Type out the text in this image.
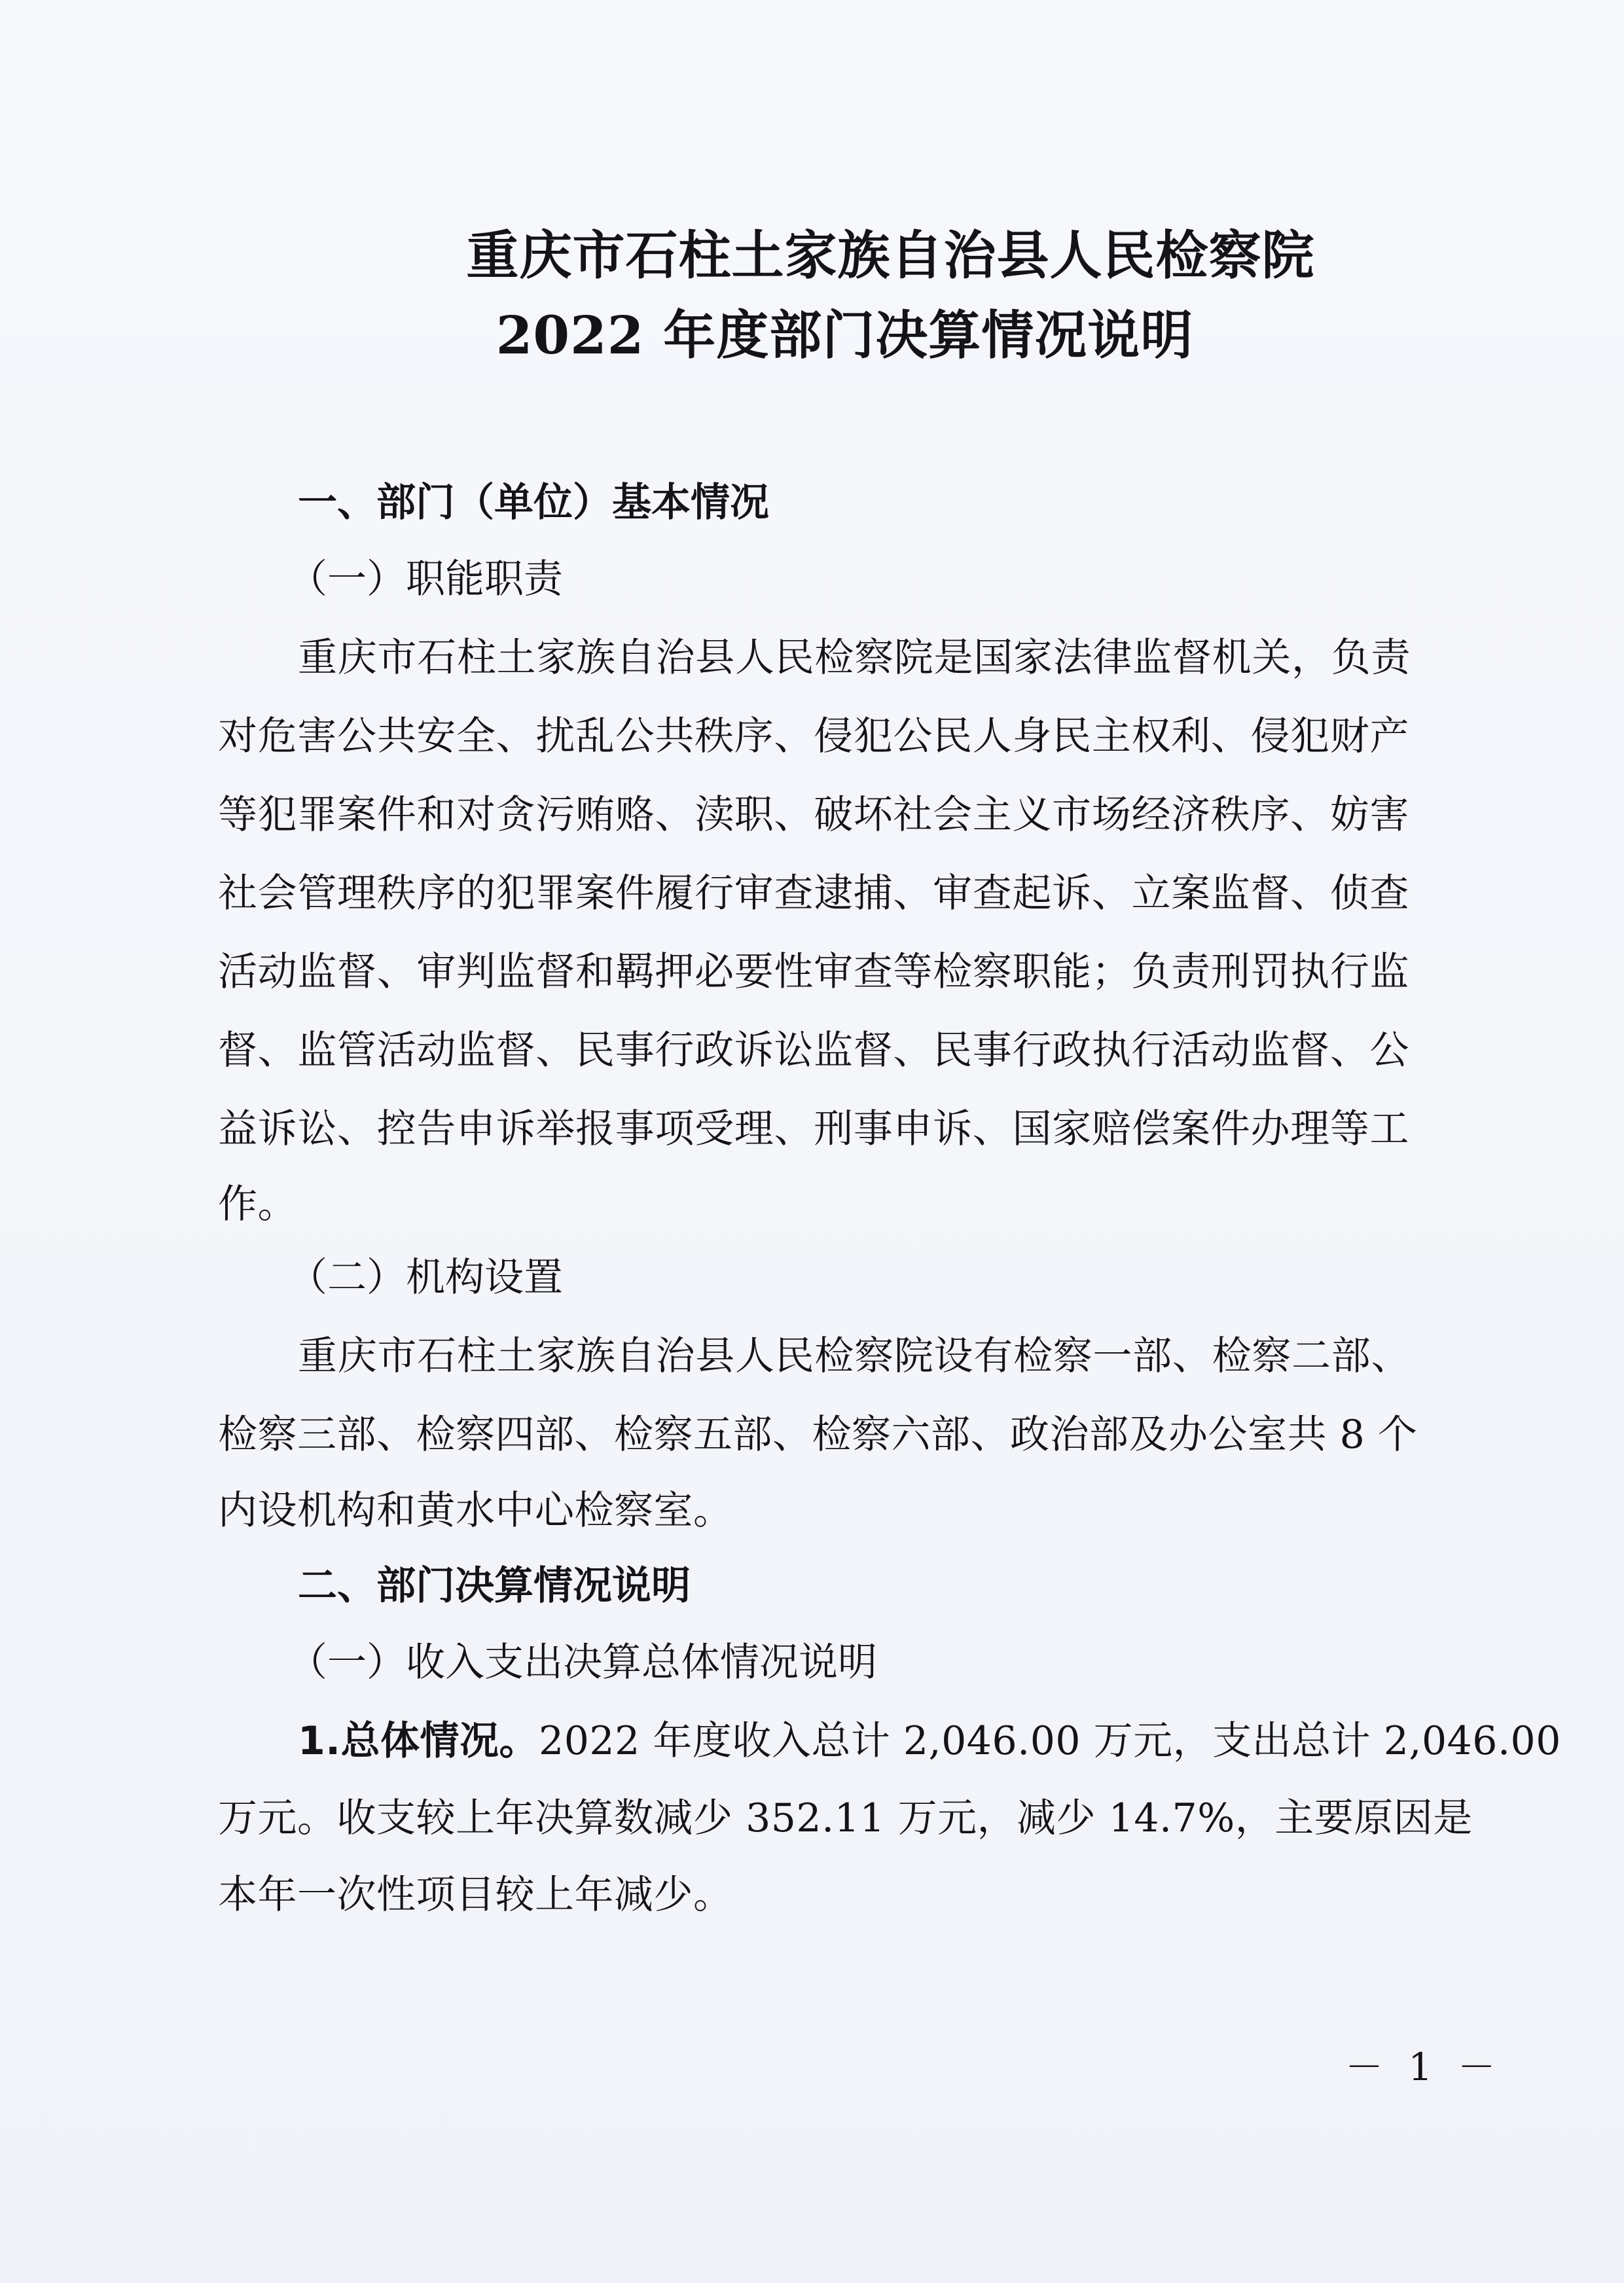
重庆市石柱土家族自治县人民检察院
2022 年度部门决算情况说明
一、部门（单位）基本情况
（一）职能职责
重庆市石柱土家族自治县人民检察院是国家法律监督机关，负责
对危害公共安全、扰乱公共秩序、侵犯公民人身民主权利、侵犯财产
等犯罪案件和对贪污贿赂、渎职、破坏社会主义市场经济秩序、妨害
社会管理秩序的犯罪案件履行审查逮捕、审查起诉、立案监督、侦查
活动监督、审判监督和羁押必要性审查等检察职能；负责刑罚执行监
督、监管活动监督、民事行政诉讼监督、民事行政执行活动监督、公
益诉讼、控告申诉举报事项受理、刑事申诉、国家赔偿案件办理等工
作。
（二）机构设置
重庆市石柱土家族自治县人民检察院设有检察一部、检察二部、
检察三部、检察四部、检察五部、检察六部、政治部及办公室共 8 个
内设机构和黄水中心检察室。
二、部门决算情况说明
（一）收入支出决算总体情况说明
1.总体情况。2022 年度收入总计 2,046.00 万元，支出总计 2,046.00
万元。收支较上年决算数减少 352.11 万元，减少 14.7%，主要原因是
本年一次性项目较上年减少。
－ 1 －
